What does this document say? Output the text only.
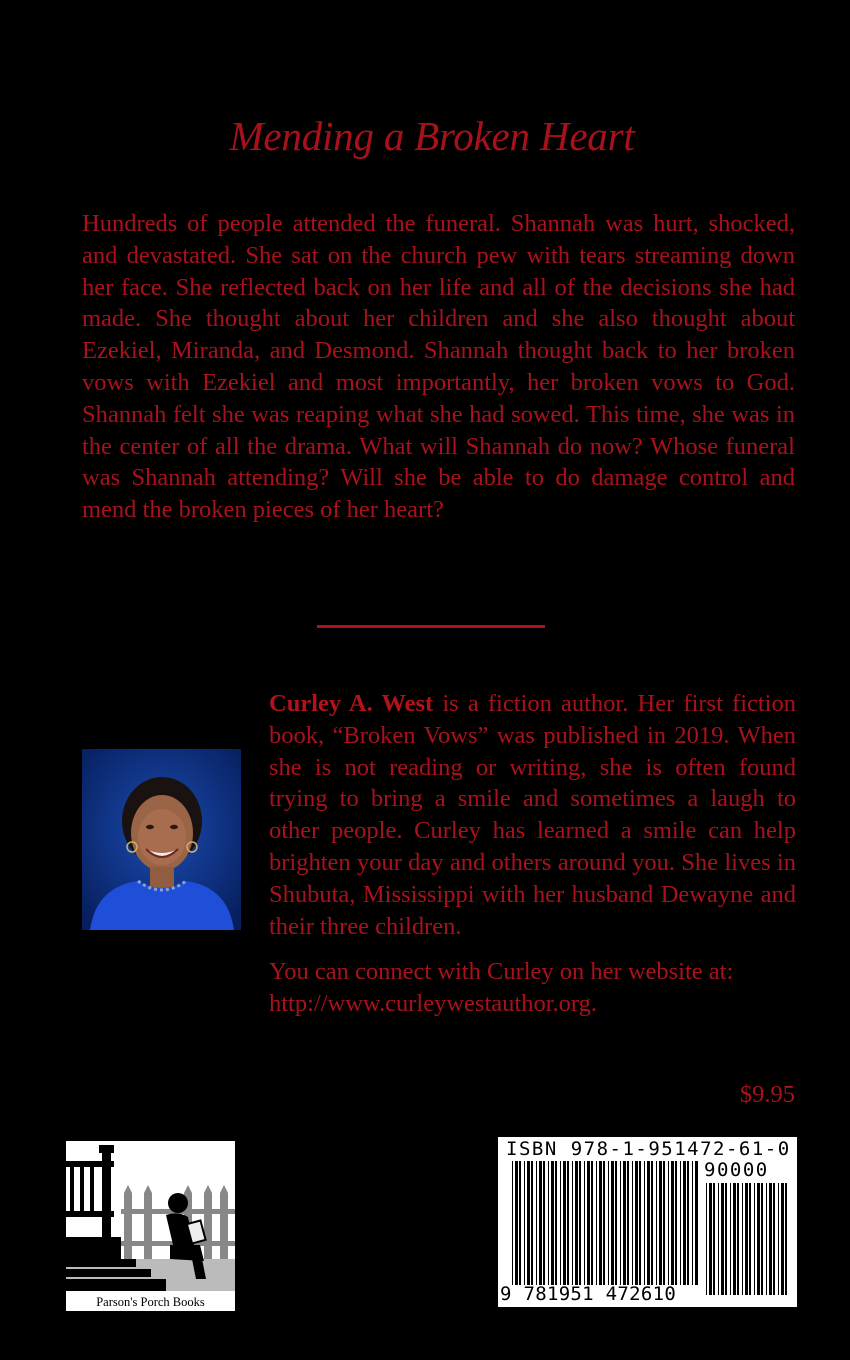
Mending a Broken Heart
Hundreds of people attended the funeral. Shannah was hurt, shocked, and devastated. She sat on the church pew with tears streaming down her face. She reflected back on her life and all of the decisions she had made. She thought about her children and she also thought about Ezekiel, Miranda, and Desmond. Shannah thought back to her broken vows with Ezekiel and most importantly, her broken vows to God. Shannah felt she was reaping what she had sowed. This time, she was in the center of all the drama. What will Shannah do now? Whose funeral was Shannah attending? Will she be able to do damage control and mend the broken pieces of her heart?

Curley A. West is a fiction author. Her first fiction book, “Broken Vows” was published in 2019. When she is not reading or writing, she is often found trying to bring a smile and sometimes a laugh to other people. Curley has learned a smile can help brighten your day and others around you. She lives in Shubuta, Mississippi with her husband Dewayne and their three children.

You can connect with Curley on her website at: http://www.curleywestauthor.org.

$9.95
Parson's Porch Books
ISBN 978-1-951472-61-0
90000
9 781951 472610
